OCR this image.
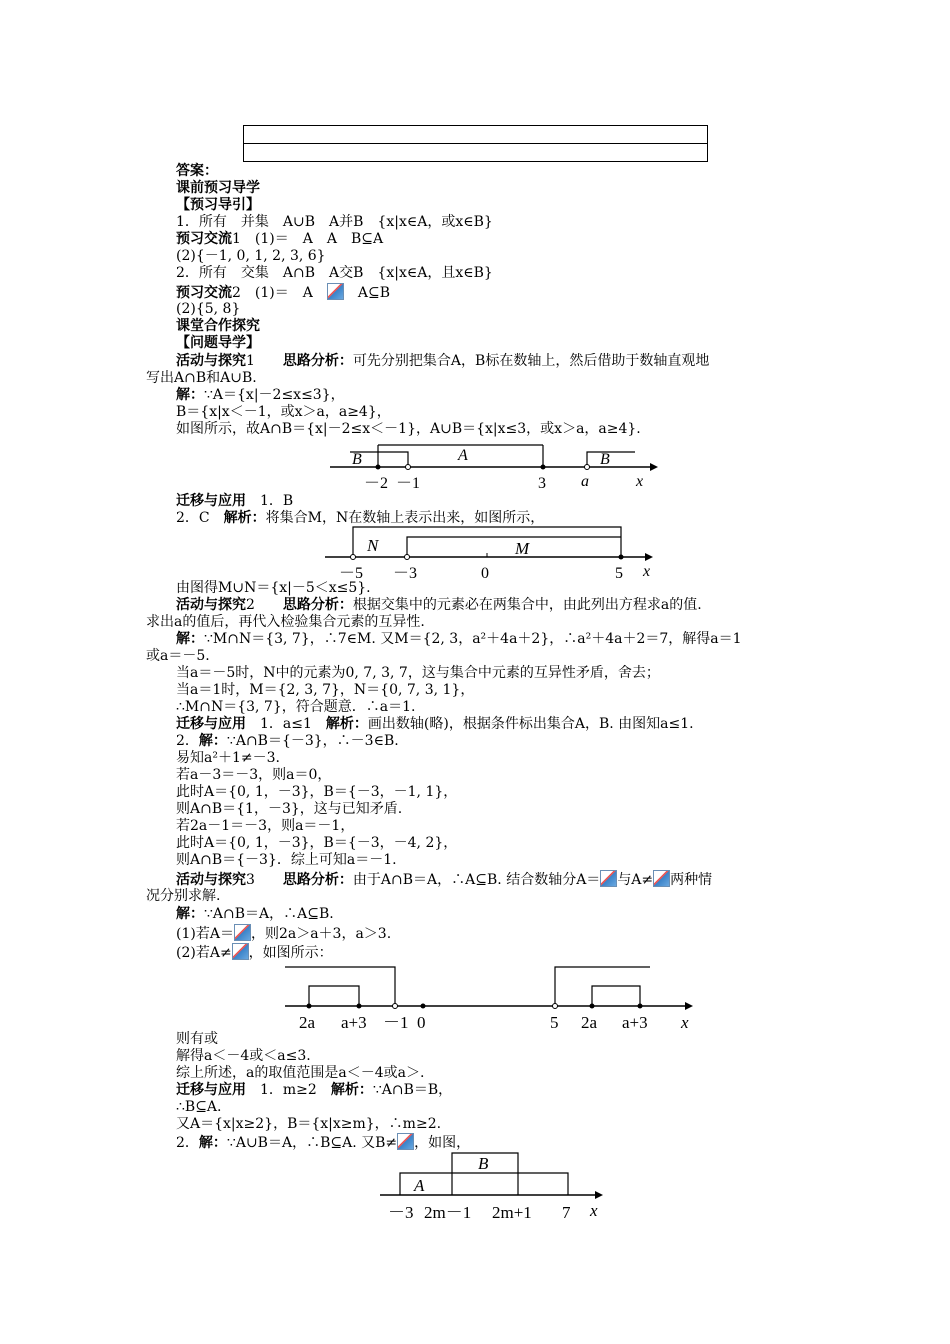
答案：
课前预习导学
【预习导引】
1．所有　并集　A∪B　A并B　{x|x∈A，或x∈B}
预习交流1　(1)＝　A　A　B⊆A
(2){－1, 0, 1, 2, 3, 6}
2．所有　交集　A∩B　A交B　{x|x∈A，且x∈B}
预习交流2　(1)＝　A　　	A⊆B
(2){5, 8}
课堂合作探究
【问题导学】
活动与探究1　　思路分析：可先分别把集合A，B标在数轴上，然后借助于数轴直观地
写出A∩B和A∪B.
解：∵A＝{x|－2≤x≤3}，
B＝{x|x＜－1，或x＞a，a≥4}，
如图所示，故A∩B＝{x|－2≤x＜－1}，A∪B＝{x|x≤3，或x＞a，a≥4}.
B	A	B
－2 －1	3 a	x
迁移与应用　 1．B
2．C　解析：将集合M，N在数轴上表示出来，如图所示，
N	M
－5 －3	0	5 x
由图得M∪N＝{x|－5＜x≤5}.
活动与探究2　　思路分析：根据交集中的元素必在两集合中，由此列出方程求a的值.
求出a的值后，再代入检验集合元素的互异性.
解：∵M∩N＝{3, 7}，∴7∈M. 又M＝{2, 3，a²＋4a＋2}，∴a²＋4a＋2＝7，解得a＝1
或a＝－5.
当a＝－5时，N中的元素为0, 7, 3, 7，这与集合中元素的互异性矛盾，舍去；
当a＝1时，M＝{2, 3, 7}，N＝{0, 7, 3, 1}，
∴M∩N＝{3, 7}，符合题意．∴a＝1.
迁移与应用　 1．a≤1　解析：画出数轴(略)，根据条件标出集合A，B. 由图知a≤1.
2．解：∵A∩B＝{－3}，∴－3∈B.
易知a²＋1≠－3.
若a－3＝－3，则a＝0，
此时A＝{0, 1，－3}，B＝{－3，－1, 1}，
则A∩B＝{1，－3}，这与已知矛盾.
若2a－1＝－3，则a＝－1，
此时A＝{0, 1，－3}，B＝{－3，－4, 2}，
则A∩B＝{－3}．综上可知a＝－1.
活动与探究3　　思路分析：由于A∩B＝A，∴A⊆B. 结合数轴分A＝ 与A≠ 两种情
况分别求解.
解：∵A∩B＝A，∴A⊆B.
(1)若A＝ ，则2a＞a＋3，a＞3.
(2)若A≠ ，如图所示：
2a a+3 －1 0	5 2a a+3 x
则有或
解得a＜－4或＜a≤3.
综上所述，a的取值范围是a＜－4或a＞.
迁移与应用　 1．m≥2　解析：∵A∩B＝B，
∴B⊆A.
又A＝{x|x≥2}，B＝{x|x≥m}，∴m≥2.
2．解：∵A∪B＝A，∴B⊆A. 又B≠ ，如图，
B
A
－3 2m－1 2m+1 7 x
